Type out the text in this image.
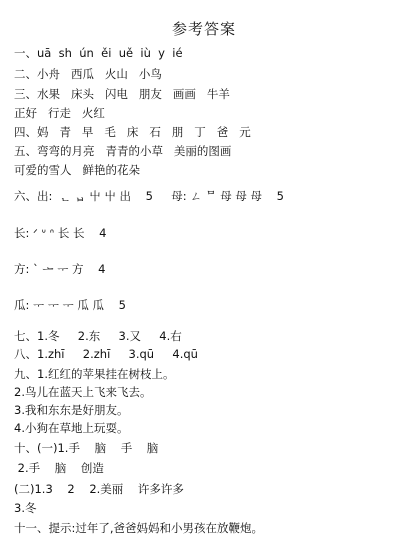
参考答案
一、uā  sh  ún  ěi  uě  iù  y  ié
二、小舟   西瓜   火山   小鸟
三、水果   床头   闪电   朋友   画画   牛羊
正好   行走   火红
四、妈   青   早   毛   床   石   朋   丁   爸   元
五、弯弯的月亮   青青的小草   美丽的图画
可爱的雪人   鲜艳的花朵
六、出:  ᆫ ᆸ 屮 屮 出    5     母: ㄥ ᄆ 母 母 母    5
长: ᐟ ᐡ ᐢ 长 长    4
方: ˋ ᅩ ᅮ 方    4
瓜: ᅮ ᅮ ᅮ 瓜 瓜    5
七、1.冬     2.东     3.又     4.右
八、1.zhī     2.zhī     3.qū     4.qū
九、1.红红的苹果挂在树枝上。
2.鸟儿在蓝天上飞来飞去。
3.我和东东是好朋友。
4.小狗在草地上玩耍。
十、(一)1.手    脑    手    脑
2.手    脑    创造
(二)1.3    2    2.美丽    许多许多
3.冬
十一、提示:过年了,爸爸妈妈和小男孩在放鞭炮。
